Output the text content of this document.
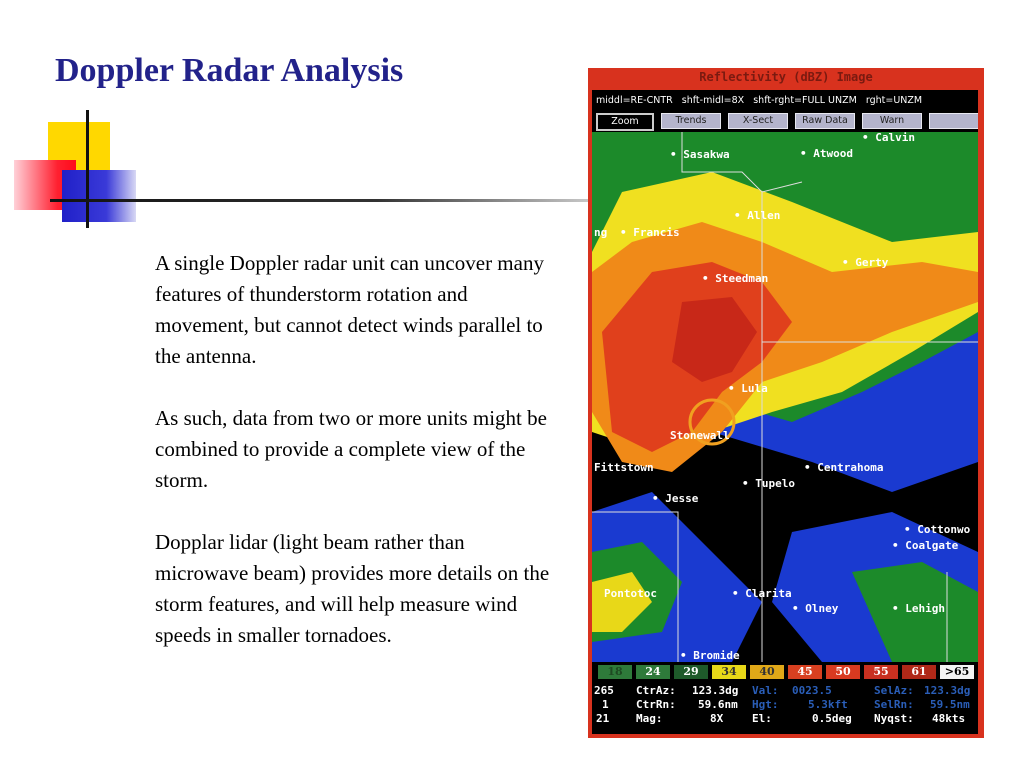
Doppler Radar Analysis

A single Doppler radar unit can uncover many features of thunderstorm rotation and movement, but cannot detect winds parallel to the antenna.

As such, data from two or more units might be combined to provide a complete view of the storm.

Dopplar lidar (light beam rather than microwave beam) provides more details on the storm features, and will help measure wind speeds in smaller tornadoes.

Reflectivity (dBZ) Image
middl=RE-CNTR   shft-midl=8X   shft-rght=FULL UNZM   rght=UNZM
Zoom	Trends	X-Sect	Raw Data	Warn
• Calvin
• Sasakwa	• Atwood
• Allen
ng • Francis
• Gerty
• Steedman
• Lula
Stonewall
Fittstown	• Centrahoma
• Tupelo
• Jesse
• Cottonwo
• Coalgate
Pontotoc	• Clarita
• Olney	• Lehigh
• Bromide
18	24	29	34	40	45	50	55	61	>65
265 CtrAz: 123.3dg Val: 0023.5	SelAz: 123.3dg
1 CtrRn: 59.6nm Hgt:	5.3kft SelRn: 59.5nm
21 Mag:	8X	El:	0.5deg Nyqst: 48kts
